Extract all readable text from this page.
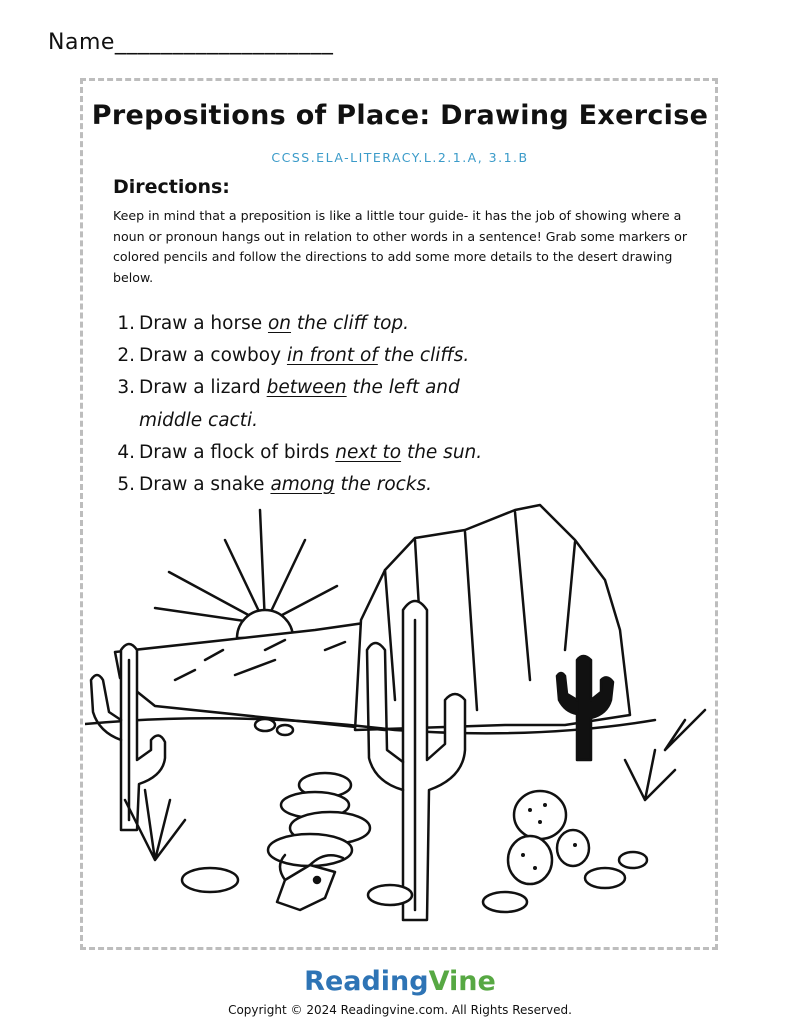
Name___________________
Prepositions of Place: Drawing Exercise
CCSS.ELA-LITERACY.L.2.1.A, 3.1.B
Directions:
Keep in mind that a preposition is like a little tour guide- it has the job of showing where a noun or pronoun hangs out in relation to other words in a sentence! Grab some markers or colored pencils and follow the directions to add some more details to the desert drawing below.
1. Draw a horse on the cliff top.
2. Draw a cowboy in front of the cliffs.
3. Draw a lizard between the left and middle cacti.
4. Draw a flock of birds next to the sun.
5. Draw a snake among the rocks.
ReadingVine
Copyright © 2024 Readingvine.com. All Rights Reserved.
